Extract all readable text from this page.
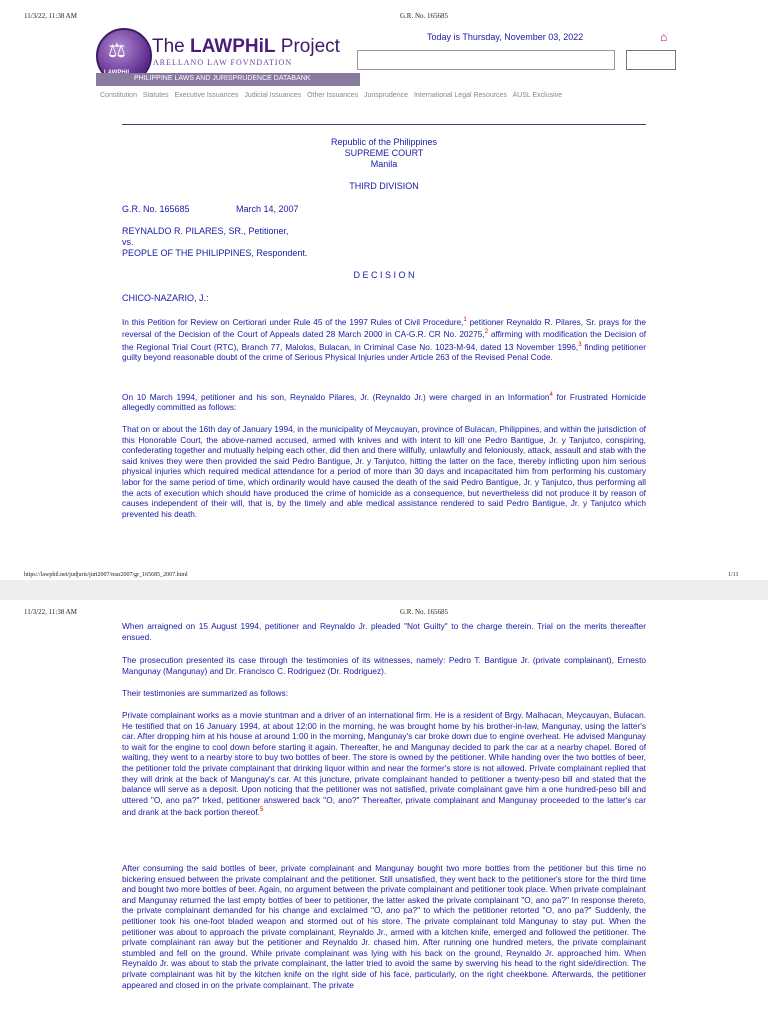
11/3/22, 11:38 AM	G.R. No. 165685
⚖ The LAWPHiL Project
ARELLANO LAW FOVNDATION
PHILIPPINE LAWS AND JURISPRUDENCE DATABANK
Today is Thursday, November 03, 2022	⌂
Constitution Statutes Executive Issuances Judicial Issuances Other Issuances Jurisprudence International Legal Resources AUSL Exclusive
Republic of the Philippines
SUPREME COURT
Manila
THIRD DIVISION
G.R. No. 165685	March 14, 2007
REYNALDO R. PILARES, SR., Petitioner,
vs.
PEOPLE OF THE PHILIPPINES, Respondent.
D E C I S I O N
CHICO-NAZARIO, J.:
In this Petition for Review on Certiorari under Rule 45 of the 1997 Rules of Civil Procedure,$^1$ petitioner Reynaldo R. Pilares, Sr. prays for the reversal of the Decision of the Court of Appeals dated 28 March 2000 in CA-G.R. CR No. 20275,$^2$ affirming with modification the Decision of the Regional Trial Court (RTC), Branch 77, Malolos, Bulacan, in Criminal Case No. 1023-M-94, dated 13 November 1996,$^3$ finding petitioner guilty beyond reasonable doubt of the crime of Serious Physical Injuries under Article 263 of the Revised Penal Code.
On 10 March 1994, petitioner and his son, Reynaldo Pilares, Jr. (Reynaldo Jr.) were charged in an Information$^4$ for Frustrated Homicide allegedly committed as follows:
That on or about the 16th day of January 1994, in the municipality of Meycauyan, province of Bulacan, Philippines, and within the jurisdiction of this Honorable Court, the above-named accused, armed with knives and with intent to kill one Pedro Bantigue, Jr. y Tanjutco, conspiring, confederating together and mutually helping each other, did then and there willfully, unlawfully and feloniously, attack, assault and stab with the said knives they were then provided the said Pedro Bantigue, Jr. y Tanjutco, hitting the latter on the face, thereby inflicting upon him serious physical injuries which required medical attendance for a period of more than 30 days and incapacitated him from performing his customary labor for the same period of time, which ordinarily would have caused the death of the said Pedro Bantigue, Jr. y Tanjutco, thus performing all the acts of execution which should have produced the crime of homicide as a consequence, but nevertheless did not produce it by reason of causes independent of their will, that is, by the timely and able medical assistance rendered to said Pedro Bantigue, Jr. y Tanjutco which prevented his death.
https://lawphil.net/judjuris/juri2007/mar2007/gr_165685_2007.html	1/11
11/3/22, 11:38 AM	G.R. No. 165685
When arraigned on 15 August 1994, petitioner and Reynaldo Jr. pleaded "Not Guilty" to the charge therein. Trial on the merits thereafter ensued.
The prosecution presented its case through the testimonies of its witnesses, namely: Pedro T. Bantigue Jr. (private complainant), Ernesto Mangunay (Mangunay) and Dr. Francisco C. Rodriguez (Dr. Rodriguez).
Their testimonies are summarized as follows:
Private complainant works as a movie stuntman and a driver of an international firm. He is a resident of Brgy. Malhacan, Meycauyan, Bulacan. He testified that on 16 January 1994, at about 12:00 in the morning, he was brought home by his brother-in-law, Mangunay, using the latter's car. After dropping him at his house at around 1:00 in the morning, Mangunay's car broke down due to engine overheat. He advised Mangunay to wait for the engine to cool down before starting it again. Thereafter, he and Mangunay decided to park the car at a nearby chapel. Bored of waiting, they went to a nearby store to buy two bottles of beer. The store is owned by the petitioner. While handing over the two bottles of beer, the petitioner told the private complainant that drinking liquor within and near the former's store is not allowed. Private complainant replied that they will drink at the back of Mangunay's car. At this juncture, private complainant handed to petitioner a twenty-peso bill and stated that the balance will serve as a deposit. Upon noticing that the petitioner was not satisfied, private complainant gave him a one hundred-peso bill and uttered "O, ano pa?" Irked, petitioner answered back "O, ano?" Thereafter, private complainant and Mangunay proceeded to the latter's car and drank at the back portion thereof.$^5$
After consuming the said bottles of beer, private complainant and Mangunay bought two more bottles from the petitioner but this time no bickering ensued between the private complainant and the petitioner. Still unsatisfied, they went back to the petitioner's store for the third time and bought two more bottles of beer. Again, no argument between the private complainant and petitioner took place. When private complainant and Mangunay returned the last empty bottles of beer to petitioner, the latter asked the private complainant "O, ano pa?" In response thereto, the private complainant demanded for his change and exclaimed "O, ano pa?" to which the petitioner retorted "O, ano pa?" Suddenly, the petitioner took his one-foot bladed weapon and stormed out of his store. The private complainant told Mangunay to stay put. When the petitioner was about to approach the private complainant, Reynaldo Jr., armed with a kitchen knife, emerged and followed the petitioner. The private complainant ran away but the petitioner and Reynaldo Jr. chased him. After running one hundred meters, the private complainant stumbled and fell on the ground. While private complainant was lying with his back on the ground, Reynaldo Jr. approached him. When Reynaldo Jr. was about to stab the private complainant, the latter tried to avoid the same by swerving his head to the right side/direction. The private complainant was hit by the kitchen knife on the right side of his face, particularly, on the right cheekbone. Afterwards, the petitioner appeared and closed in on the private complainant. The private
